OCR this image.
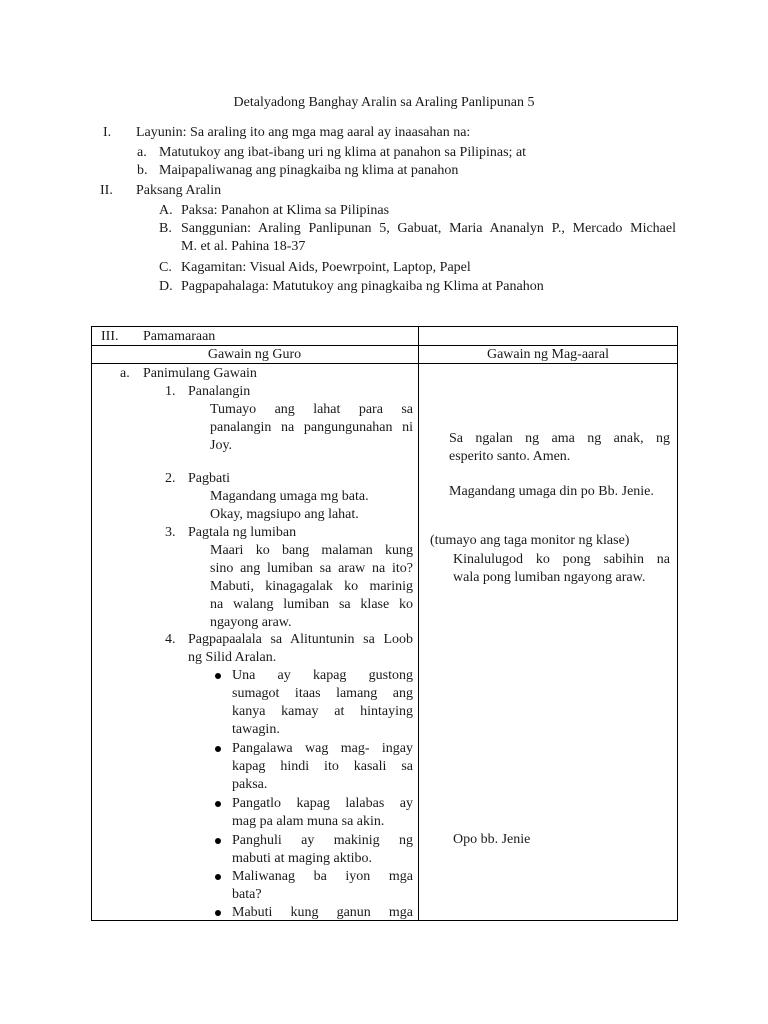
Detalyadong Banghay Aralin sa Araling Panlipunan 5
I. Layunin: Sa araling ito ang mga mag aaral ay inaasahan na:
a. Matutukoy ang ibat-ibang uri ng klima at panahon sa Pilipinas; at
b. Maipapaliwanag ang pinagkaiba ng klima at panahon
II. Paksang Aralin
A. Paksa: Panahon at Klima sa Pilipinas
B. Sanggunian: Araling Panlipunan 5, Gabuat, Maria Ananalyn P., Mercado Michael
M. et al. Pahina 18-37
C. Kagamitan: Visual Aids, Poewrpoint, Laptop, Papel
D. Pagpapahalaga: Matutukoy ang pinagkaiba ng Klima at Panahon
III. Pamamaraan
Gawain ng Guro	Gawain ng Mag-aaral
a. Panimulang Gawain
1. Panalangin
Tumayo ang lahat para sa
panalangin na pangungunahan ni
Joy.
2. Pagbati
Magandang umaga mg bata.
Okay, magsiupo ang lahat.
3. Pagtala ng lumiban
Maari ko bang malaman kung
sino ang lumiban sa araw na ito?
Mabuti, kinagagalak ko marinig
na walang lumiban sa klase ko
ngayong araw.
4. Pagpapaalala sa Alituntunin sa Loob
ng Silid Aralan.
Una ay kapag gustong
sumagot itaas lamang ang
kanya kamay at hintaying
tawagin.
Pangalawa wag mag- ingay
kapag hindi ito kasali sa
paksa.
Pangatlo kapag lalabas ay
mag pa alam muna sa akin.
Panghuli ay makinig ng
mabuti at maging aktibo.
Maliwanag ba iyon mga
bata?
Mabuti kung ganun mga
Sa ngalan ng ama ng anak, ng
esperito santo. Amen.
Magandang umaga din po Bb. Jenie.
(tumayo ang taga monitor ng klase)
Kinalulugod ko pong sabihin na
wala pong lumiban ngayong araw.
Opo bb. Jenie
